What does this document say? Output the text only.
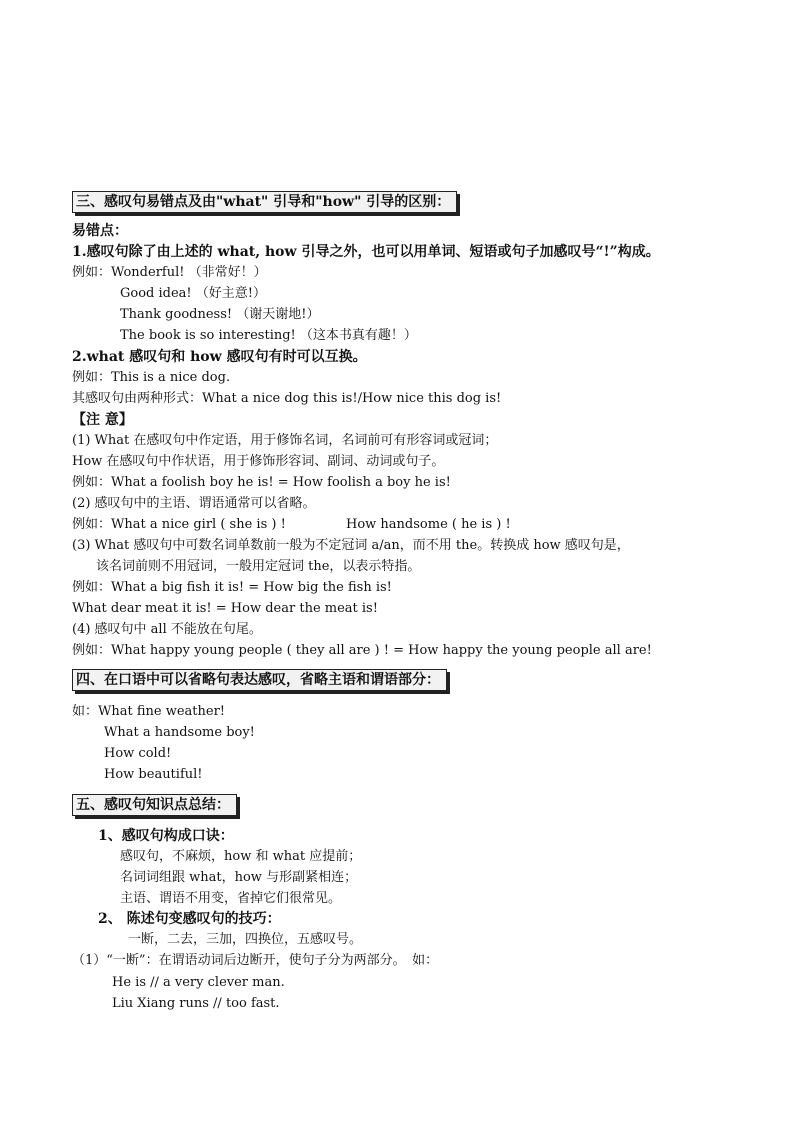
三、感叹句易错点及由"what" 引导和"how" 引导的区别：
易错点：
1.感叹句除了由上述的 what, how 引导之外，也可以用单词、短语或句子加感叹号“!”构成。
例如：Wonderful! （非常好！）
Good idea! （好主意!）
Thank goodness! （谢天谢地!）
The book is so interesting! （这本书真有趣！）
2.what 感叹句和 how 感叹句有时可以互换。
例如：This is a nice dog.
其感叹句由两种形式：What a nice dog this is!/How nice this dog is!
【注 意】
(1) What 在感叹句中作定语，用于修饰名词，名词前可有形容词或冠词；
How 在感叹句中作状语，用于修饰形容词、副词、动词或句子。
例如：What a foolish boy he is! = How foolish a boy he is!
(2) 感叹句中的主语、谓语通常可以省略。
例如：What a nice girl ( she is ) !	How handsome ( he is ) !
(3) What 感叹句中可数名词单数前一般为不定冠词 a/an，而不用 the。转换成 how 感叹句是，
该名词前则不用冠词，一般用定冠词 the，以表示特指。
例如：What a big fish it is! = How big the fish is!
What dear meat it is! = How dear the meat is!
(4) 感叹句中 all 不能放在句尾。
例如：What happy young people ( they all are ) ! = How happy the young people all are!
四、在口语中可以省略句表达感叹，省略主语和谓语部分：
如：What fine weather!
What a handsome boy!
How cold!
How beautiful!
五、感叹句知识点总结：
1、感叹句构成口诀：
感叹句，不麻烦，how 和 what 应提前；
名词词组跟 what，how 与形副紧相连；
主语、谓语不用变，省掉它们很常见。
2、 陈述句变感叹句的技巧：
一断，二去，三加，四换位，五感叹号。
（1）“一断”：在谓语动词后边断开，使句子分为两部分。　如：
He is // a very clever man.
Liu Xiang runs // too fast.
